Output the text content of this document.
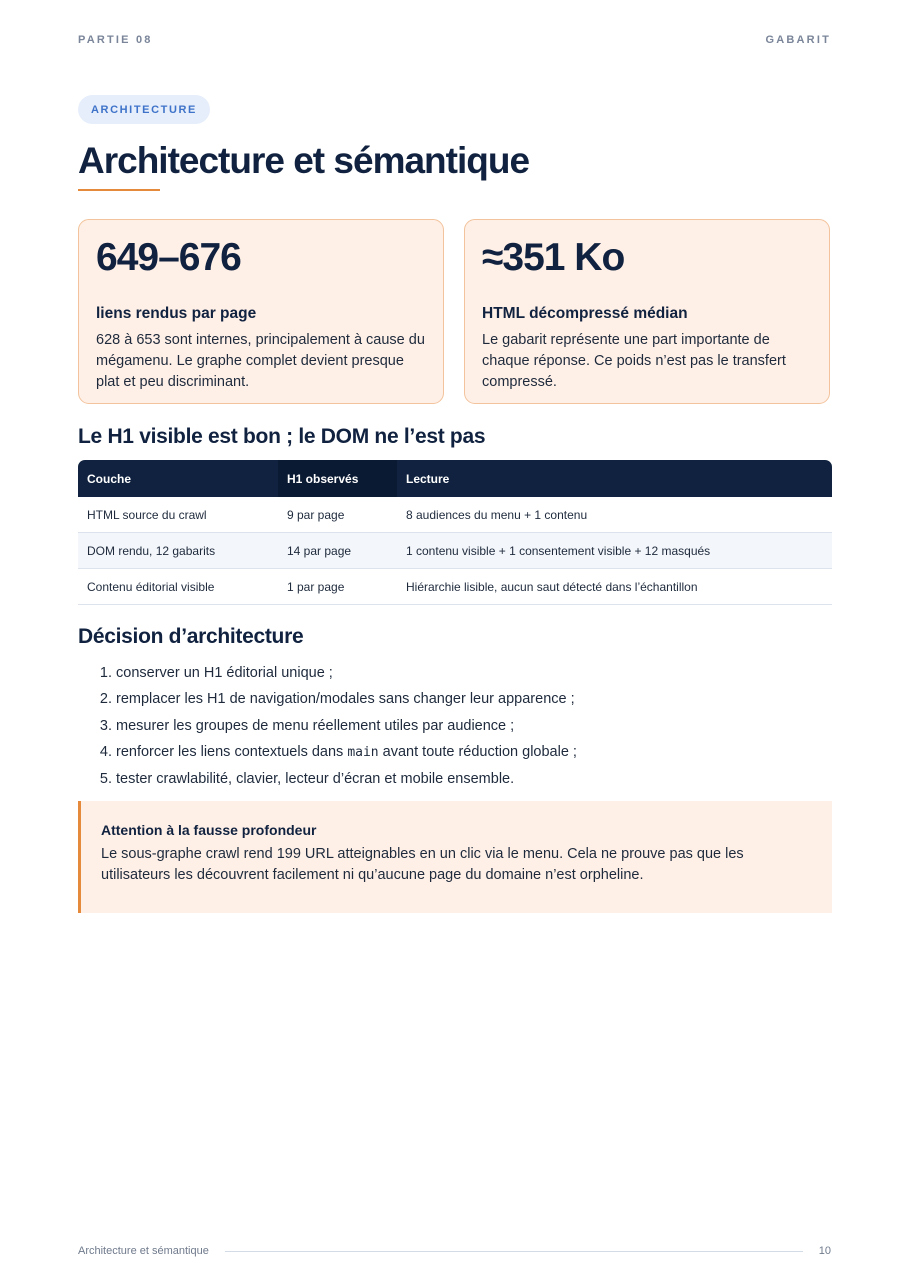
PARTIE 08	GABARIT
ARCHITECTURE
Architecture et sémantique
649–676
liens rendus par page
628 à 653 sont internes, principalement à cause du mégamenu. Le graphe complet devient presque plat et peu discriminant.
≈351 Ko
HTML décompressé médian
Le gabarit représente une part importante de chaque réponse. Ce poids n’est pas le transfert compressé.
Le H1 visible est bon ; le DOM ne l’est pas
Couche	H1 observés	Lecture
HTML source du crawl	9 par page	8 audiences du menu + 1 contenu
DOM rendu, 12 gabarits	14 par page	1 contenu visible + 1 consentement visible + 12 masqués
Contenu éditorial visible	1 par page	Hiérarchie lisible, aucun saut détecté dans l’échantillon
Décision d’architecture
1. conserver un H1 éditorial unique ;
2. remplacer les H1 de navigation/modales sans changer leur apparence ;
3. mesurer les groupes de menu réellement utiles par audience ;
4. renforcer les liens contextuels dans main avant toute réduction globale ;
5. tester crawlabilité, clavier, lecteur d’écran et mobile ensemble.
Attention à la fausse profondeur
Le sous-graphe crawl rend 199 URL atteignables en un clic via le menu. Cela ne prouve pas que les utilisateurs les découvrent facilement ni qu’aucune page du domaine n’est orpheline.
Architecture et sémantique	10
